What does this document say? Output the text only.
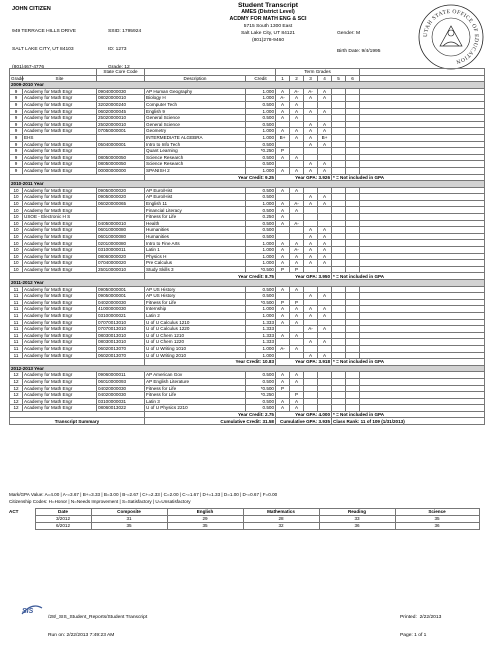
JOHN CITIZEN

949 TERRACE HILLS DRIVE

SALT LAKE CITY, UT 84103

(801)467-4776

SSID: 1795924

ID: 1273

Grade: 12

Student Transcript
AMES (District Level)
ACDMY FOR MATH ENG & SCI
5715 South 1300 East
Salt Lake City, UT 84121
(801)278-9460

Gender: M

Birth Date: 9/4/1995

UTAH STATE OFFICE OF EDUCATION
		State Core Code			Term Grades						
Grade	Site		Description	Credit	1	2	3	4	5	6	
2009-2010 Year											
9	Academy for Math Engr	09040000030	AP Human Geography	1.000	A	A-	A-	A			
9	Academy for Math Engr	08020000010	Biology H	1.000	A-	A	A	A			
9	Academy for Math Engr	32020000240	Computer Tech	0.500	A	A					
9	Academy for Math Engr	06020000045	English 9	1.000	A	A	A	A			
9	Academy for Math Engr	25020000010	General Science	0.500	A	A					
9	Academy for Math Engr	25020000010	General Science	0.500			A	A			
9	Academy for Math Engr	07050000001	Geometry	1.000	A	A	A	A			
9	EHS		INTERMEDIATE ALGEBRA	1.000	B+	A	A	B+			
9	Academy for Math Engr	05040000001	Intro to Info Tech	0.500			A	A			
9	Academy for Math Engr		Quant Learning	*0.250	P						
9	Academy for Math Engr	08050000050	Science Research	0.500	A	A					
9	Academy for Math Engr	08050000050	Science Research	0.500			A	A			
9	Academy for Math Engr	00000000000	SPANISH 2	1.000	A	A	A	A			
			Year Credit: 9.25		Year GPA: 3.926				* = Not included in GPA		
2010-2011 Year											
10	Academy for Math Engr	09050000020	AP Euro/Hist	0.500	A	A					
10	Academy for Math Engr	09050000020	AP Euro/Hist	0.500			A	A			
10	Academy for Math Engr	06020000065	English 11	1.000	A	A-	A	A			
10	Academy for Math Engr		Financial Literacy	0.500	A	A					
10	USOE - Electronic H S		Fitness for Life	0.250	A						
10	Academy for Math Engr	04050000010	Health	0.500	A	A-					
10	Academy for Math Engr	06010000080	Humanities	0.500			A	A			
10	Academy for Math Engr	06010000080	Humanities	0.500			A	A			
10	Academy for Math Engr	02010000080	Intro to Fine Arts	1.000	A	A	A	A			
10	Academy for Math Engr	03100000011	Latin 1	1.000	A	A-	A	A			
10	Academy for Math Engr	08060000020	Physics H	1.000	A	A	A	A			
10	Academy for Math Engr	07040000020	Pre Calculus	1.000	A	A	A	A			
10	Academy for Math Engr	25010000010	Study Skills 3	*0.500	P	P					
			Year Credit: 8.75		Year GPA: 3.950				* = Not included in GPA		
2011-2012 Year											
11	Academy for Math Engr	09050000001	AP US History	0.500	A	A					
11	Academy for Math Engr	09050000001	AP US History	0.500			A	A			
11	Academy for Math Engr	04020000030	Fitness for Life	*0.500	P	P					
11	Academy for Math Engr	41000000030	Internship	1.000	A	A	A	A			
11	Academy for Math Engr	03100000021	Latin 2	1.000	A	A	A	A			
11	Academy for Math Engr	07070013010	U of U Calculus 1210	1.333	A	A					
11	Academy for Math Engr	07070013010	U of U Calculus 1220	1.333			A-	A			
11	Academy for Math Engr	08030013010	U of U Chem 1210	1.333	A	A					
11	Academy for Math Engr	08030013010	U of U Chem 1220	1.333			A	A			
11	Academy for Math Engr	06020013070	U of U Writing 1010	1.000	A-	A					
11	Academy for Math Engr	06020013070	U of U Writing 2010	1.000			A	A			
			Year Credit: 10.83		Year GPA: 3.918				* = Not included in GPA		
2012-2013 Year											
12	Academy for Math Engr	09060000011	AP American Gov	0.500	A	A					
12	Academy for Math Engr	06010000093	AP English Literature	0.500	A	A					
12	Academy for Math Engr	04020000030	Fitness for Life	*0.500	P						
12	Academy for Math Engr	04020000030	Fitness for Life	*0.250		P					
12	Academy for Math Engr	03100000031	Latin 3	0.500	A	A					
12	Academy for Math Engr	08060013022	U of U Physics 2210	0.500	A	A					
			Year Credit: 2.75		Year GPA: 4.000				* = Not included in GPA		
Transcript Summary			Cumulative Credit: 31.58		Cumulative GPA: 3.935				Class Rank: 11 of 109 (1/31/2013)		
Mark/GPA Value: A=4.00 | A-=3.67 | B+=3.33 | B=3.00 | B-=2.67 | C+=2.33 | C=2.00 | C-=1.67 | D+=1.33 | D=1.00 | D-=0.67 | F=0.00
Citizenship Codes: H=Honor | N=Needs Improvement | S=Satisfactory | U=Unsatisfactory
ACT	Date	Composite	English	Mathematics	Reading	Science
	3/2012	31	29	28	33	35
	6/2012	35	35	32	36	36
SIS

/28/_SIS_Student_Reports/Student Transcript

Run on: 2/22/2013 7:49:23 AM

Printed:  2/22/2013

Page: 1 of 1
